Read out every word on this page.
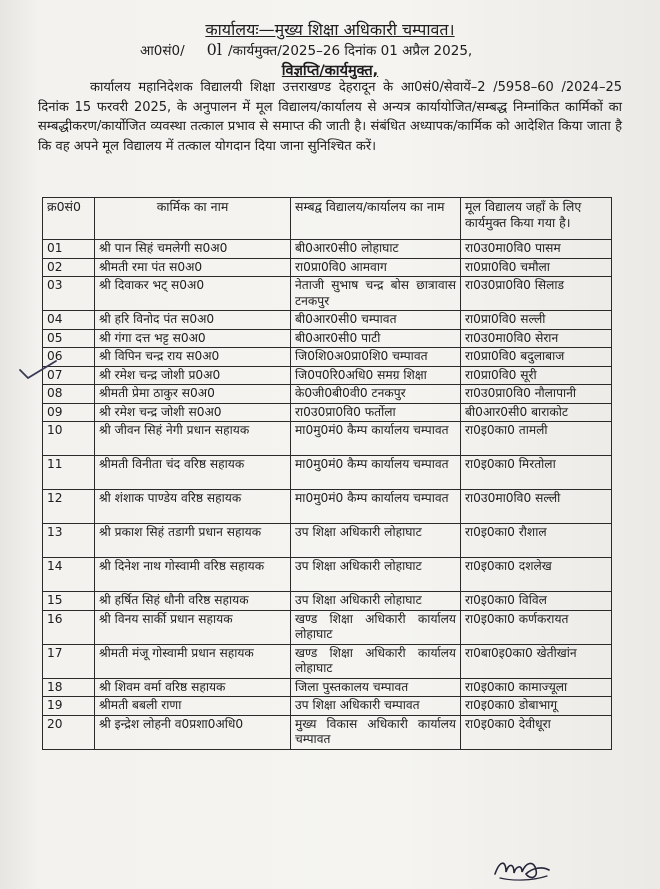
कार्यालयः—मुख्य शिक्षा अधिकारी चम्पावत।
आ0सं0/ 0l /कार्यमुक्त/2025–26 दिनांक 01 अप्रैल 2025,
विज्ञप्ति/कार्यमुक्त,
कार्यालय महानिदेशक विद्यालयी शिक्षा उत्तराखण्ड देहरादून के आ0सं0/सेवायें–2 /5958–60 /2024–25 दिनांक 15 फरवरी 2025, के अनुपालन में मूल विद्यालय/कार्यालय से अन्यत्र कार्यायोजित/सम्बद्ध निम्नांकित कार्मिकों का सम्बद्धीकरण/कार्योजित व्यवस्था तत्काल प्रभाव से समाप्त की जाती है। संबंधित अध्यापक/कार्मिक को आदेशित किया जाता है कि वह अपने मूल विद्यालय में तत्काल योगदान दिया जाना सुनिश्चित करें।
क्र0सं0	कार्मिक का नाम	सम्बद्व विद्यालय/कार्यालय का नाम	मूल विद्यालय जहॉं के लिए कार्यमुक्त किया गया है।
01	श्री पान सिहं चमलेगी स0अ0	बी0आर0सी0 लोहाघाट	रा0उ0मा0वि0 पासम
02	श्रीमती रमा पंत स0अ0	रा0प्रा0वि0 आमवाग	रा0प्रा0वि0 चमौला
03	श्री दिवाकर भट् स0अ0	नेताजी सुभाष चन्द्र बोस छात्रावास टनकपुर	रा0उ0प्रा0वि0 सिलाड
04	श्री हरि विनोद पंत स0अ0	बी0आर0सी0 चम्पावत	रा0प्रा0वि0 सल्ली
05	श्री गंगा दत्त भट्ट स0अ0	बी0आर0सी0 पाटी	रा0उ0मा0वि0 सेरान
06	श्री विपिन चन्द्र राय स0अ0	जि0शि0अ0प्रा0शि0 चम्पावत	रा0प्रा0वि0 बदुलाबाज
07	श्री रमेश चन्द्र जोशी प्र0अ0	जि0प0रि0अधि0 समग्र शिक्षा	रा0प्रा0वि0 सूरी
08	श्रीमती प्रेमा ठाकुर स0अ0	के0जी0बी0वी0 टनकपुर	रा0उ0प्रा0वि0 नौलापानी
09	श्री रमेश चन्द्र जोशी स0अ0	रा0उ0प्रा0वि0 फर्तोला	बी0आर0सी0 बाराकोट
10	श्री जीवन सिहं नेगी प्रधान सहायक	मा0मु0मं0 कैम्प कार्यालय चम्पावत	रा0इ0का0 तामली
11	श्रीमती विनीता चंद वरिष्ठ सहायक	मा0मु0मं0 कैम्प कार्यालय चम्पावत	रा0इ0का0 मिरतोला
12	श्री शंशाक पाण्डेय वरिष्ठ सहायक	मा0मु0मं0 कैम्प कार्यालय चम्पावत	रा0उ0मा0वि0 सल्ली
13	श्री प्रकाश सिहं तडागी प्रधान सहायक	उप शिक्षा अधिकारी लोहाघाट	रा0इ0का0 रौशाल
14	श्री दिनेश नाथ गोस्वामी वरिष्ठ सहायक	उप शिक्षा अधिकारी लोहाघाट	रा0इ0का0 दशलेख
15	श्री हर्षित सिहं धौनी वरिष्ठ सहायक	उप शिक्षा अधिकारी लोहाघाट	रा0इ0का0 विविल
16	श्री विनय सार्की प्रधान सहायक	खण्ड शिक्षा अधिकारी कार्यालय लोहाघाट	रा0इ0का0 कर्णकरायत
17	श्रीमती मंजू गोस्वामी प्रधान सहायक	खण्ड शिक्षा अधिकारी कार्यालय लोहाघाट	रा0बा0इ0का0 खेतीखांन
18	श्री शिवम वर्मा वरिष्ठ सहायक	जिला पुस्तकालय चम्पावत	रा0इ0का0 कामाज्यूला
19	श्रीमती बबली राणा	उप शिक्षा अधिकारी चम्पावत	रा0इ0का0 डोबाभागू
20	श्री इन्द्रेश लोहनी व0प्रशा0अधि0	मुख्य विकास अधिकारी कार्यालय चम्पावत	रा0इ0का0 देवीधूरा
